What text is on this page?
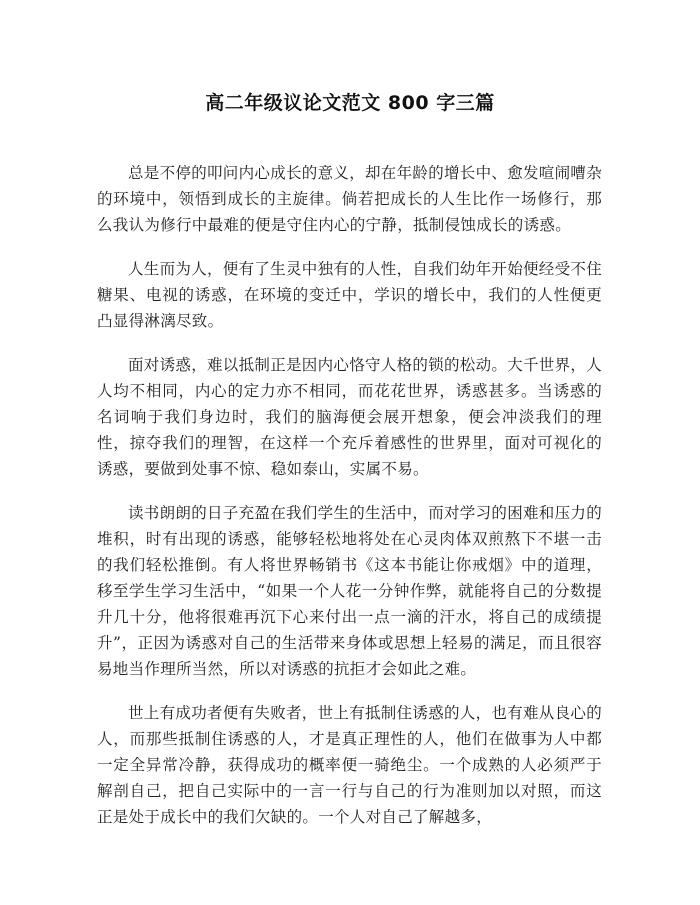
高二年级议论文范文 800 字三篇

总是不停的叩问内心成长的意义，却在年龄的增长中、愈发喧闹嘈杂的环境中，领悟到成长的主旋律。倘若把成长的人生比作一场修行，那么我认为修行中最难的便是守住内心的宁静，抵制侵蚀成长的诱惑。

人生而为人，便有了生灵中独有的人性，自我们幼年开始便经受不住糖果、电视的诱惑，在环境的变迁中，学识的增长中，我们的人性便更凸显得淋漓尽致。

面对诱惑，难以抵制正是因内心恪守人格的锁的松动。大千世界，人人均不相同，内心的定力亦不相同，而花花世界，诱惑甚多。当诱惑的名词响于我们身边时，我们的脑海便会展开想象，便会冲淡我们的理性，掠夺我们的理智，在这样一个充斥着感性的世界里，面对可视化的诱惑，要做到处事不惊、稳如泰山，实属不易。

读书朗朗的日子充盈在我们学生的生活中，而对学习的困难和压力的堆积，时有出现的诱惑，能够轻松地将处在心灵肉体双煎熬下不堪一击的我们轻松推倒。有人将世界畅销书《这本书能让你戒烟》中的道理，移至学生学习生活中，“如果一个人花一分钟作弊，就能将自己的分数提升几十分，他将很难再沉下心来付出一点一滴的汗水，将自己的成绩提升”，正因为诱惑对自己的生活带来身体或思想上轻易的满足，而且很容易地当作理所当然，所以对诱惑的抗拒才会如此之难。

世上有成功者便有失败者，世上有抵制住诱惑的人，也有难从良心的人，而那些抵制住诱惑的人，才是真正理性的人，他们在做事为人中都一定全异常冷静，获得成功的概率便一骑绝尘。一个成熟的人必须严于解剖自己，把自己实际中的一言一行与自己的行为准则加以对照，而这正是处于成长中的我们欠缺的。一个人对自己了解越多，
